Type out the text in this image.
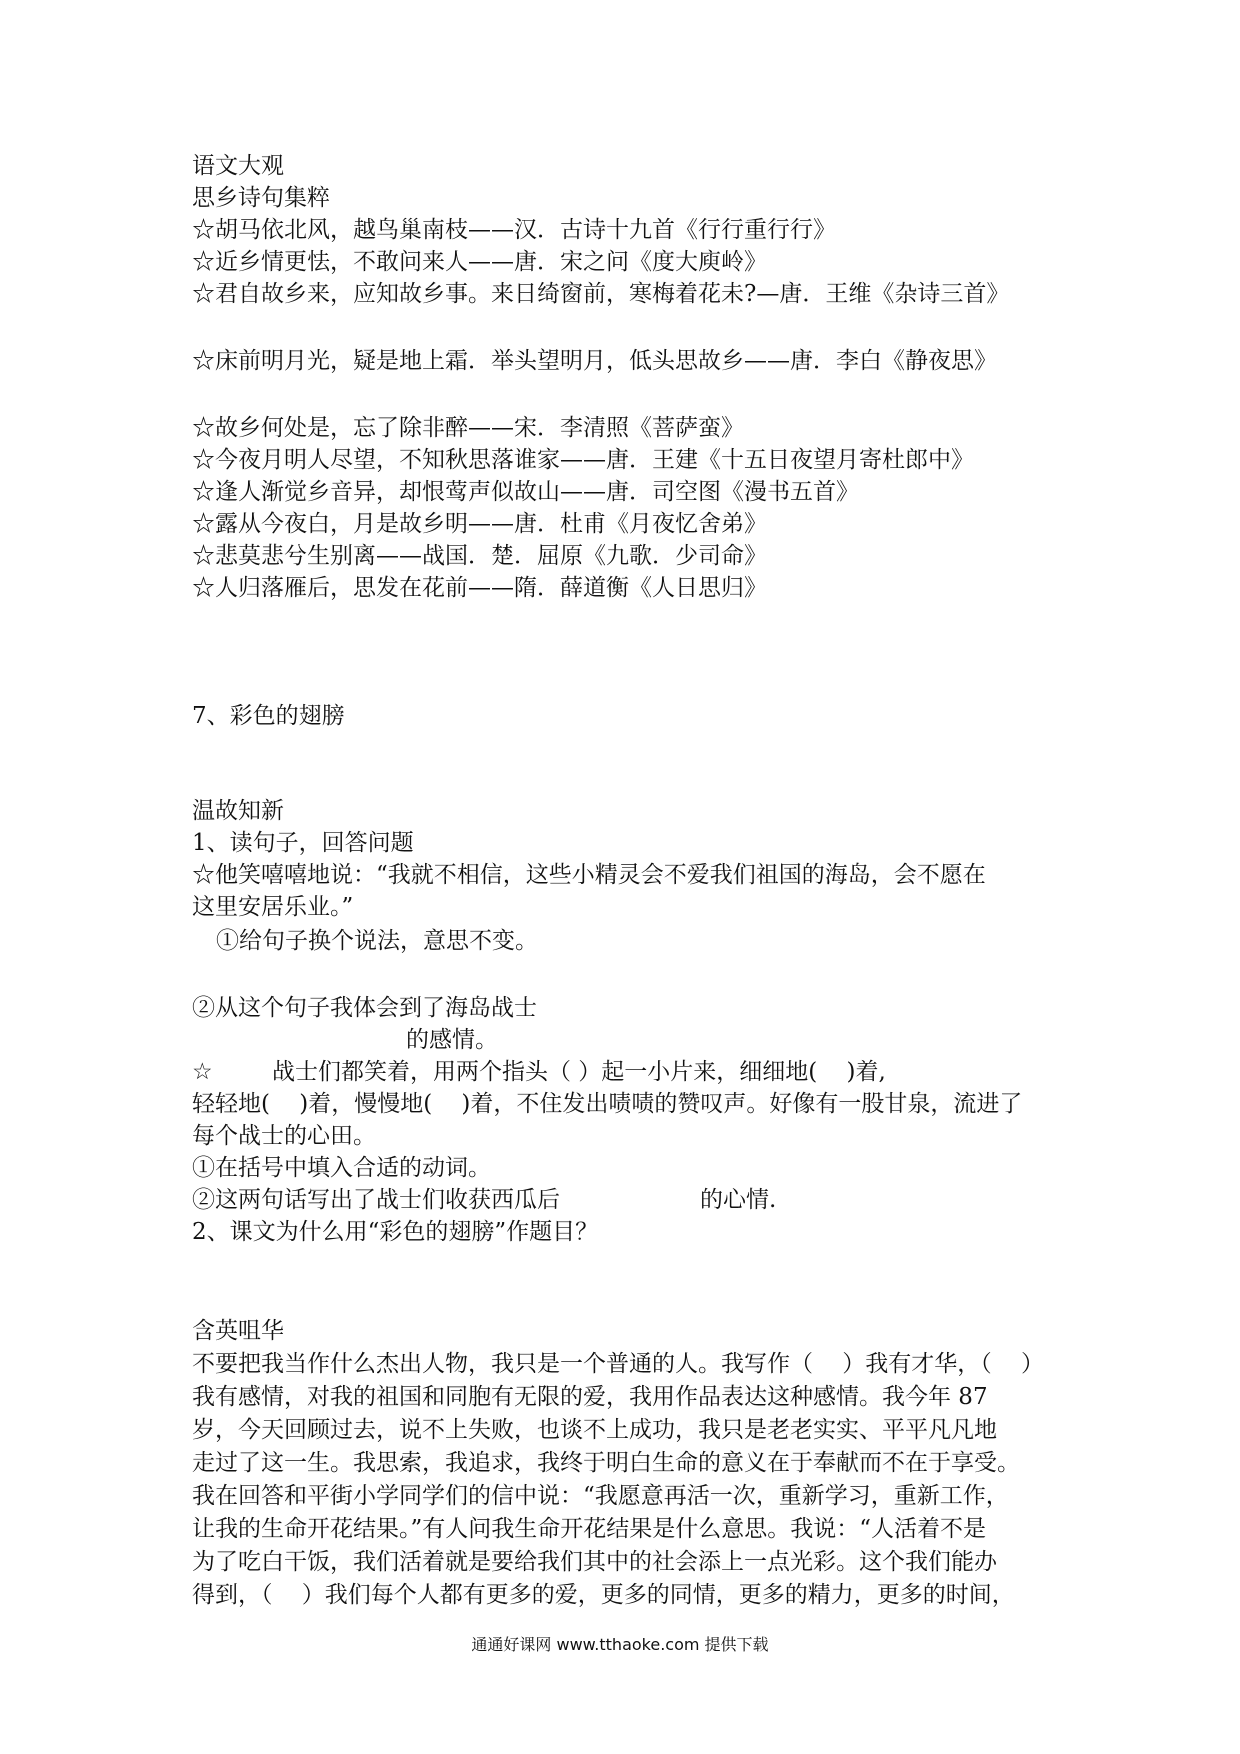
语文大观
思乡诗句集粹
☆胡马依北风，越鸟巢南枝——汉．古诗十九首《行行重行行》
☆近乡情更怯，不敢问来人——唐．宋之问《度大庾岭》
☆君自故乡来，应知故乡事。来日绮窗前，寒梅着花未?—唐．王维《杂诗三首》
☆床前明月光，疑是地上霜．举头望明月，低头思故乡——唐．李白《静夜思》
☆故乡何处是，忘了除非醉——宋．李清照《菩萨蛮》
☆今夜月明人尽望，不知秋思落谁家——唐．王建《十五日夜望月寄杜郎中》
☆逢人渐觉乡音异，却恨莺声似故山——唐．司空图《漫书五首》
☆露从今夜白，月是故乡明——唐．杜甫《月夜忆舍弟》
☆悲莫悲兮生别离——战国．楚．屈原《九歌．少司命》
☆人归落雁后，思发在花前——隋．薛道衡《人日思归》
7、彩色的翅膀
温故知新
1、读句子，回答问题
☆他笑嘻嘻地说：“我就不相信，这些小精灵会不爱我们祖国的海岛，会不愿在
这里安居乐业。”
①给句子换个说法，意思不变。
②从这个句子我体会到了海岛战士
的感情。
☆	战士们都笑着，用两个指头（ ）起一小片来，细细地(    )着,
轻轻地(    )着，慢慢地(    )着，不住发出啧啧的赞叹声。好像有一股甘泉，流进了
每个战士的心田。
①在括号中填入合适的动词。
②这两句话写出了战士们收获西瓜后	的心情.
2、课文为什么用“彩色的翅膀”作题目？
含英咀华
不要把我当作什么杰出人物，我只是一个普通的人。我写作（    ）我有才华，（    ）
我有感情，对我的祖国和同胞有无限的爱，我用作品表达这种感情。我今年 87
岁，今天回顾过去，说不上失败，也谈不上成功，我只是老老实实、平平凡凡地
走过了这一生。我思索，我追求，我终于明白生命的意义在于奉献而不在于享受。
我在回答和平街小学同学们的信中说：“我愿意再活一次，重新学习，重新工作，
让我的生命开花结果。”有人问我生命开花结果是什么意思。我说：“人活着不是
为了吃白干饭，我们活着就是要给我们其中的社会添上一点光彩。这个我们能办
得到，（    ）我们每个人都有更多的爱，更多的同情，更多的精力，更多的时间，
通通好课网 www.tthaoke.com 提供下载
